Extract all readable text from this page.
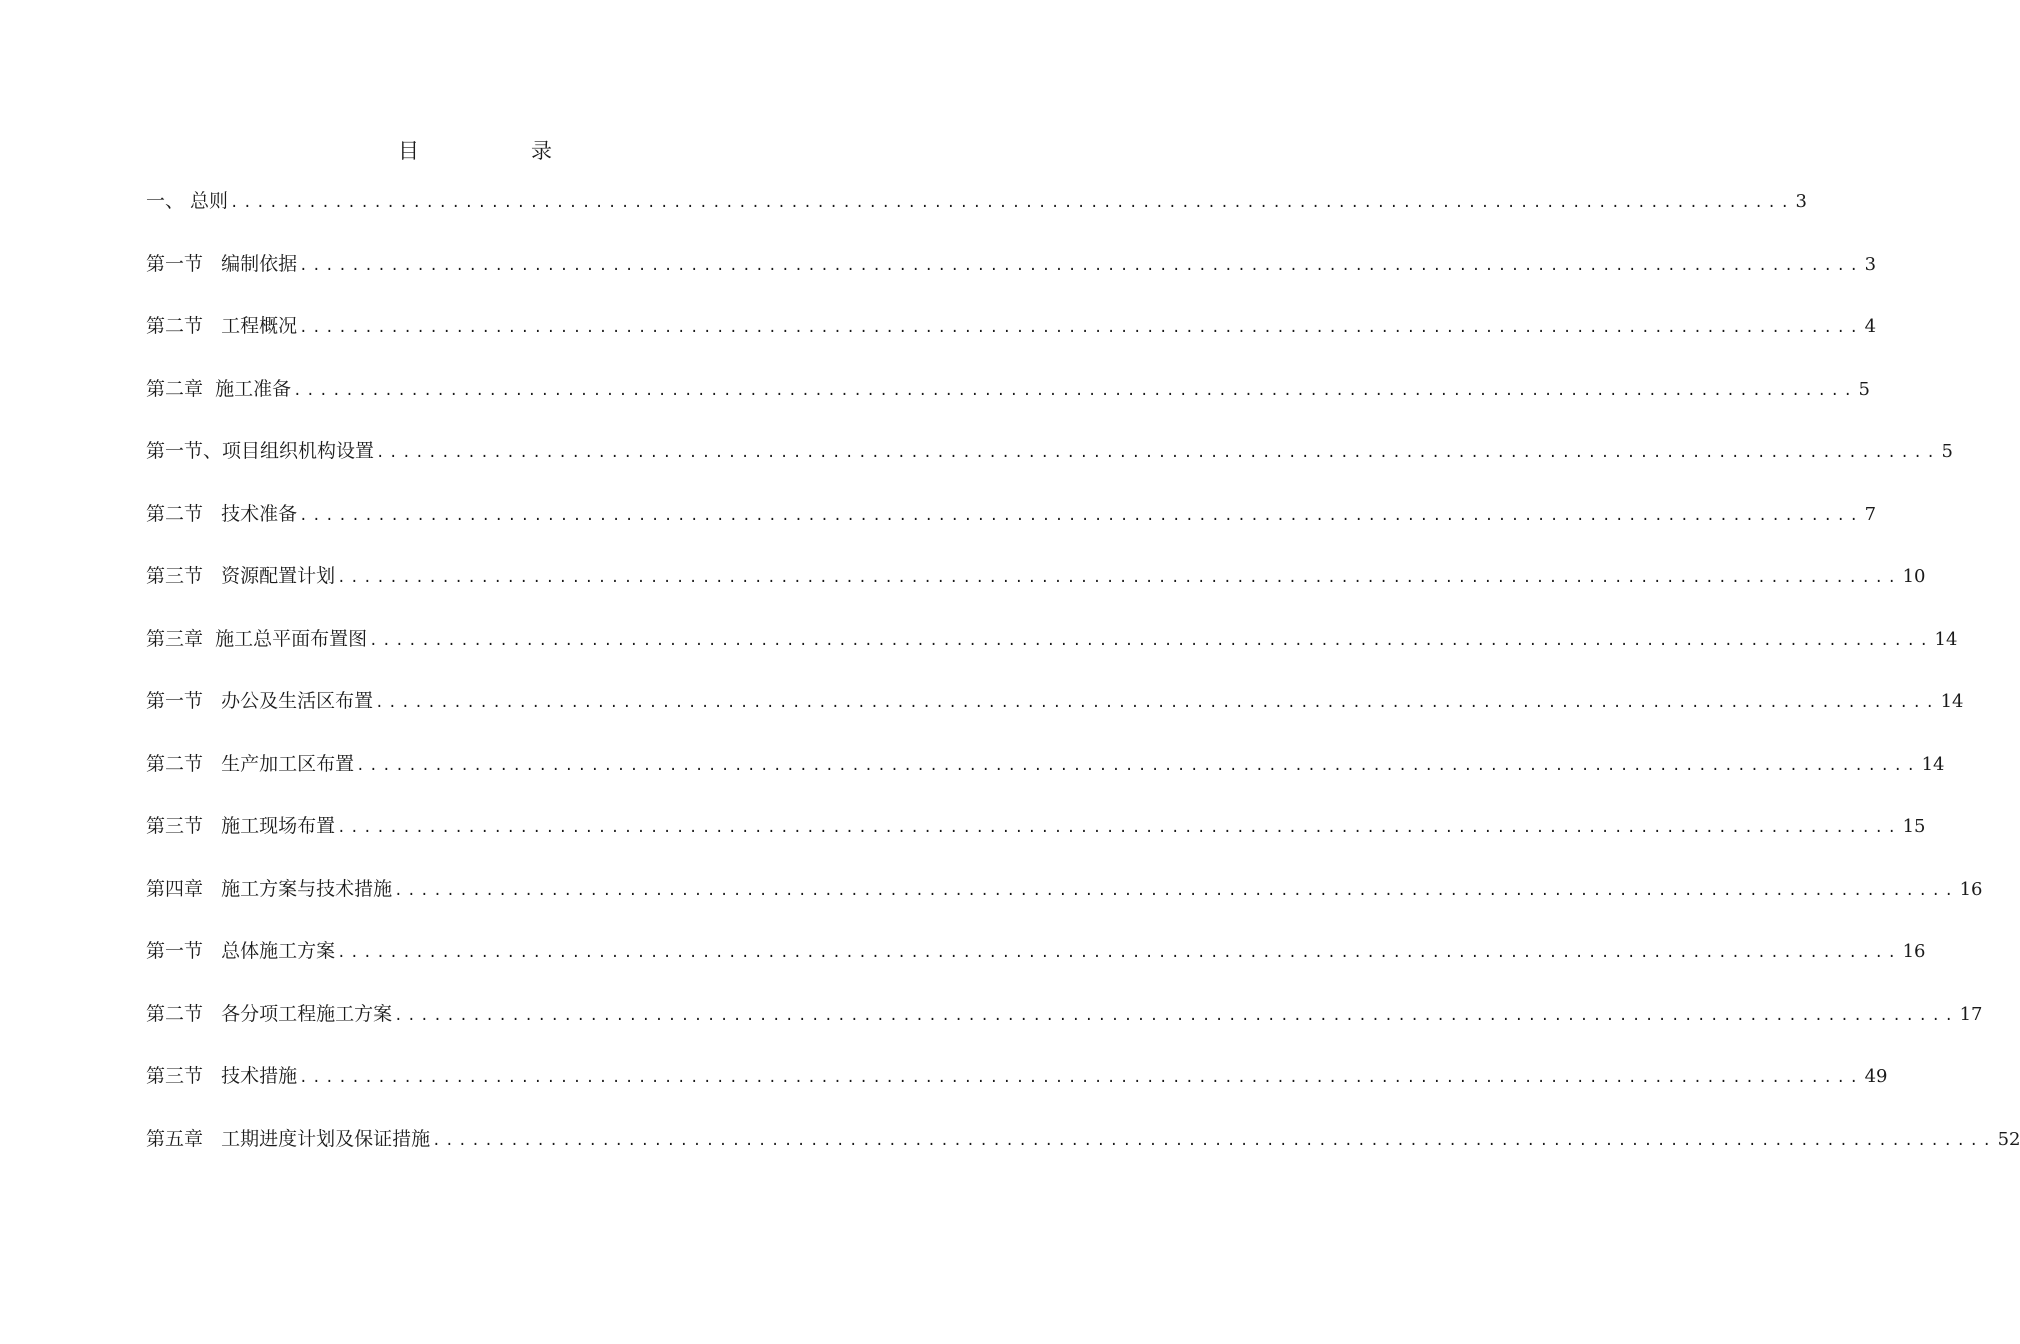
目	录
一、 总则 ........................................................................................................................ 3
第一节   编制依据 ........................................................................................................................ 3
第二节   工程概况 ........................................................................................................................ 4
第二章  施工准备 ........................................................................................................................ 5
第一节、项目组织机构设置 ........................................................................................................................ 5
第二节   技术准备 ........................................................................................................................ 7
第三节   资源配置计划 ........................................................................................................................ 10
第三章  施工总平面布置图 ........................................................................................................................ 14
第一节   办公及生活区布置 ........................................................................................................................ 14
第二节   生产加工区布置 ........................................................................................................................ 14
第三节   施工现场布置 ........................................................................................................................ 15
第四章   施工方案与技术措施 ........................................................................................................................ 16
第一节   总体施工方案 ........................................................................................................................ 16
第二节   各分项工程施工方案 ........................................................................................................................ 17
第三节   技术措施 ........................................................................................................................ 49
第五章   工期进度计划及保证措施 ........................................................................................................................ 52
